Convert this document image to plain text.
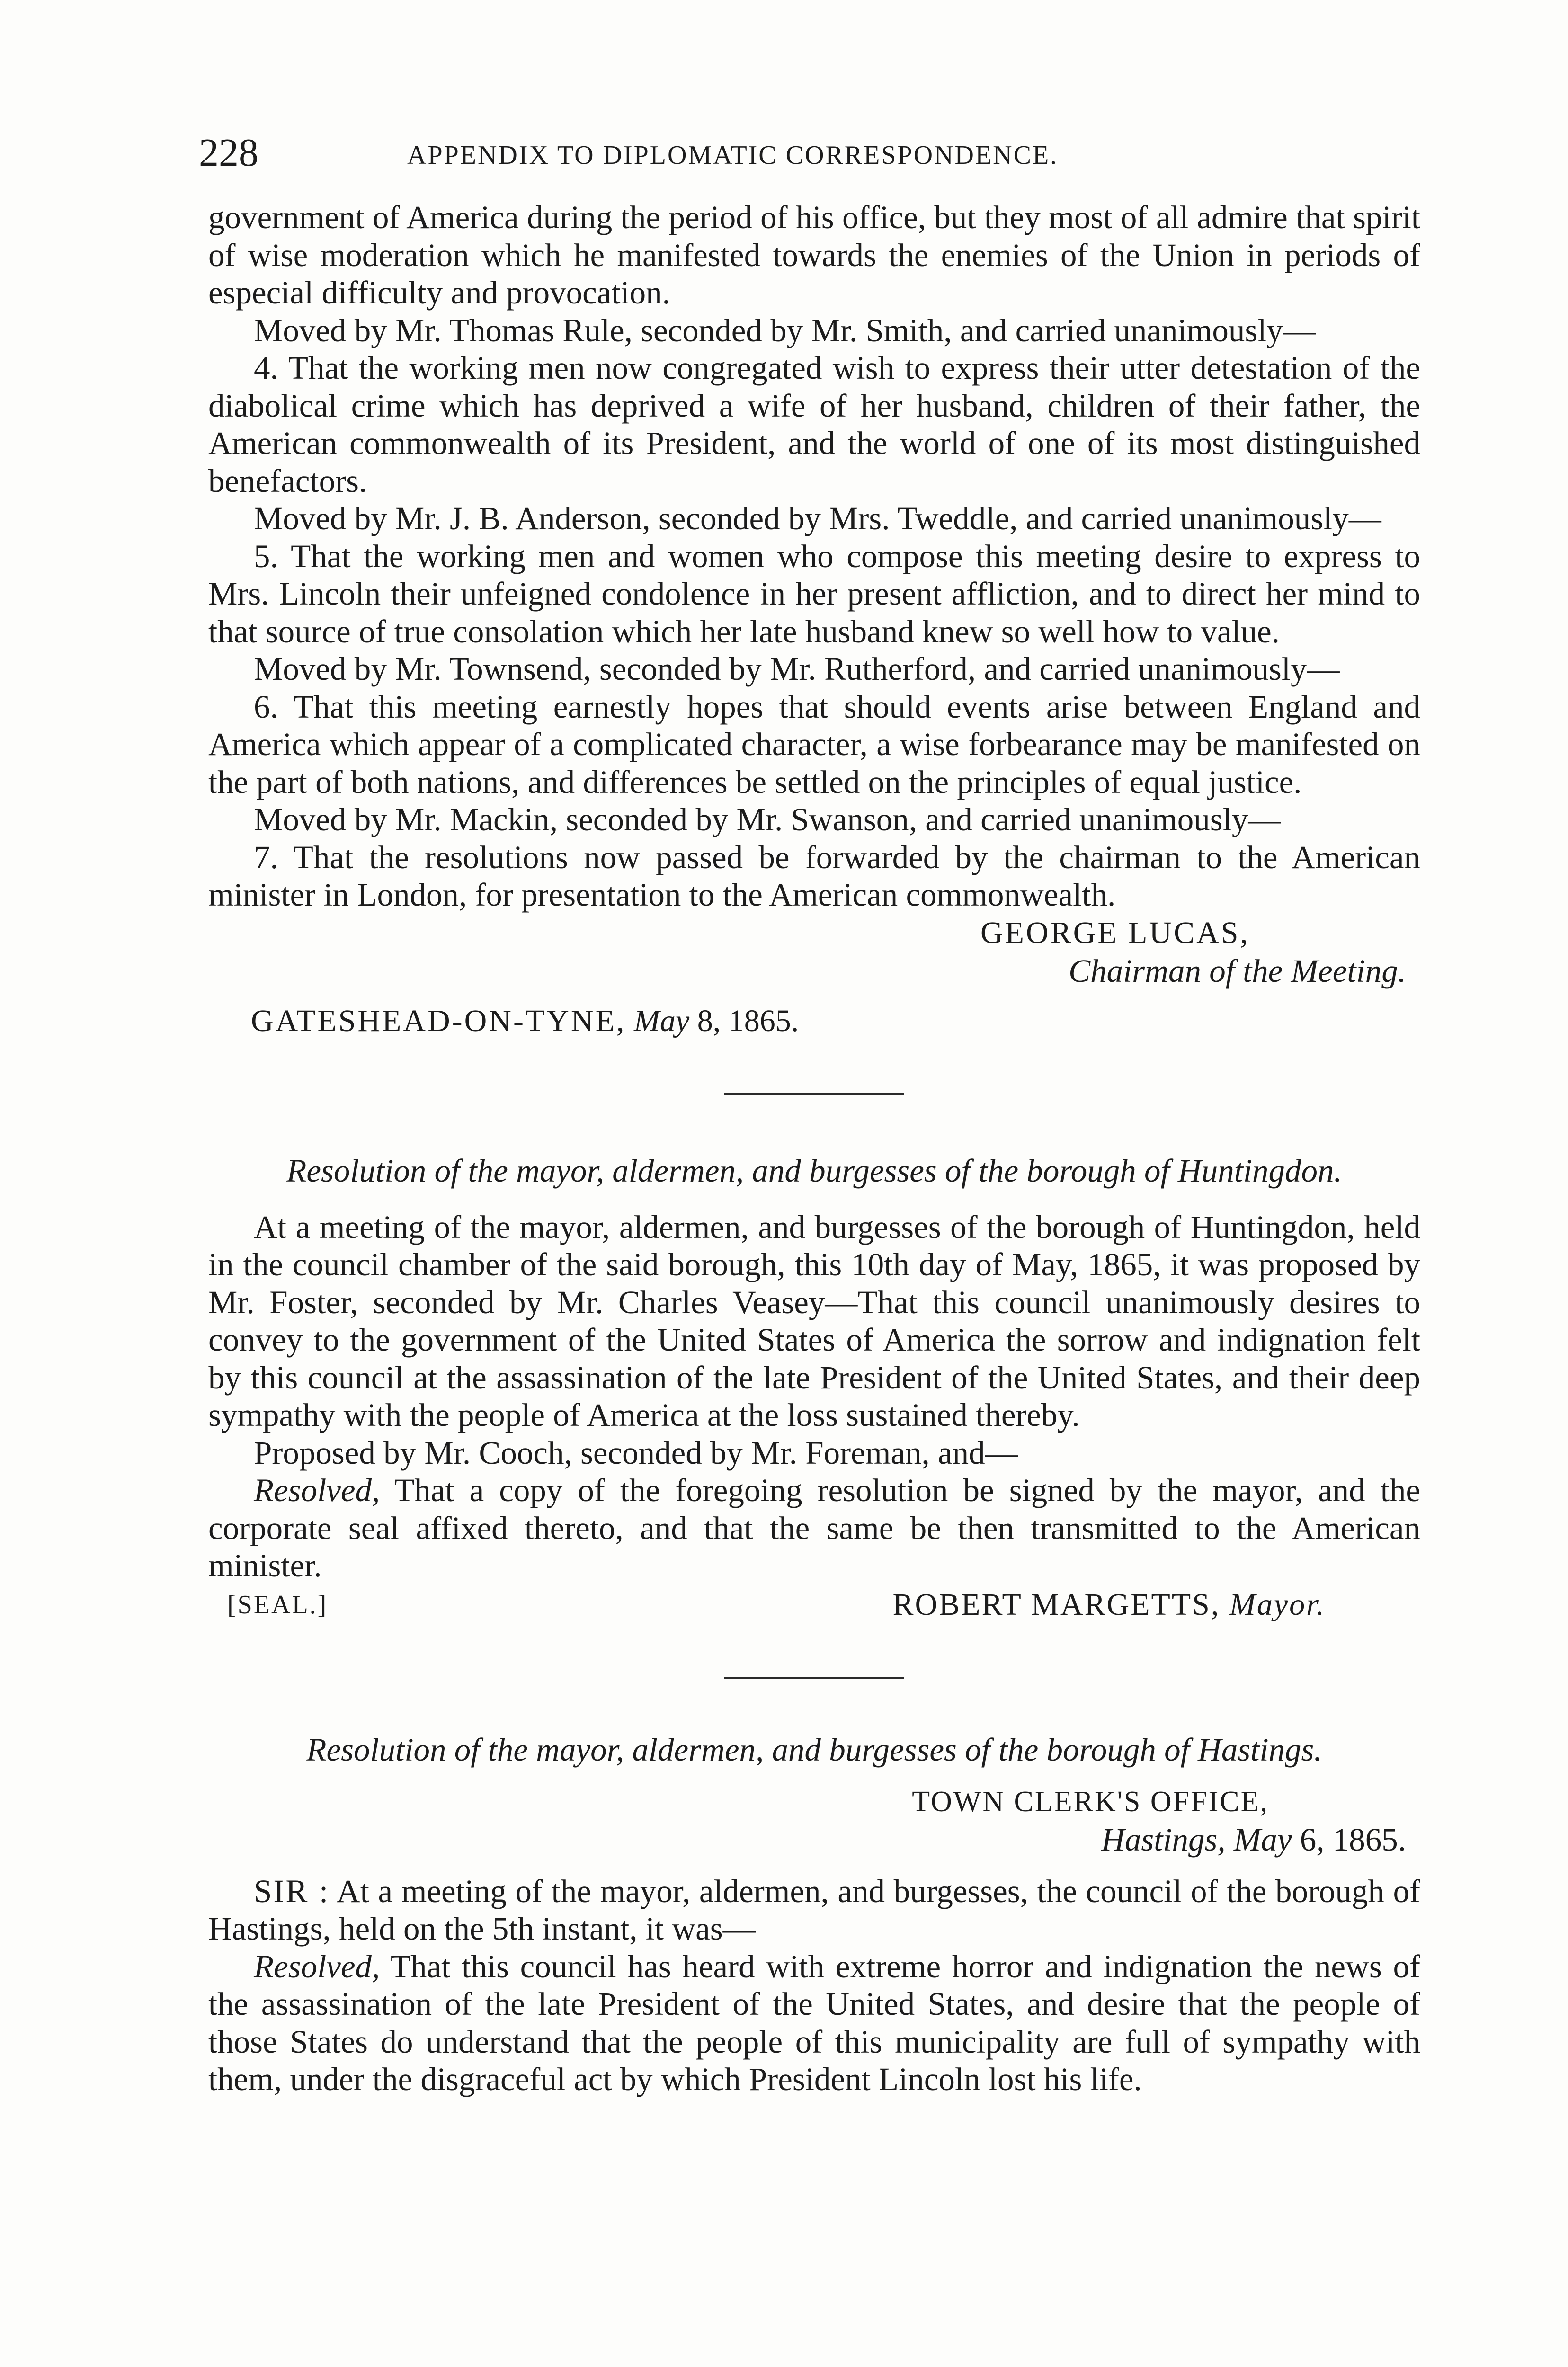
228	APPENDIX TO DIPLOMATIC CORRESPONDENCE.

government of America during the period of his office, but they most of all admire that spirit of wise moderation which he manifested towards the enemies of the Union in periods of especial difficulty and provocation.

Moved by Mr. Thomas Rule, seconded by Mr. Smith, and carried unanimously—

4. That the working men now congregated wish to express their utter detestation of the diabolical crime which has deprived a wife of her husband, children of their father, the American commonwealth of its President, and the world of one of its most distinguished benefactors.

Moved by Mr. J. B. Anderson, seconded by Mrs. Tweddle, and carried unanimously—

5. That the working men and women who compose this meeting desire to express to Mrs. Lincoln their unfeigned condolence in her present affliction, and to direct her mind to that source of true consolation which her late husband knew so well how to value.

Moved by Mr. Townsend, seconded by Mr. Rutherford, and carried unanimously—

6. That this meeting earnestly hopes that should events arise between England and America which appear of a complicated character, a wise forbearance may be manifested on the part of both nations, and differences be settled on the principles of equal justice.

Moved by Mr. Mackin, seconded by Mr. Swanson, and carried unanimously—

7. That the resolutions now passed be forwarded by the chairman to the American minister in London, for presentation to the American commonwealth.

GEORGE LUCAS,
Chairman of the Meeting.
GATESHEAD-ON-TYNE, May 8, 1865.

Resolution of the mayor, aldermen, and burgesses of the borough of Huntingdon.

At a meeting of the mayor, aldermen, and burgesses of the borough of Huntingdon, held in the council chamber of the said borough, this 10th day of May, 1865, it was proposed by Mr. Foster, seconded by Mr. Charles Veasey—That this council unanimously desires to convey to the government of the United States of America the sorrow and indignation felt by this council at the assassination of the late President of the United States, and their deep sympathy with the people of America at the loss sustained thereby.

Proposed by Mr. Cooch, seconded by Mr. Foreman, and—

Resolved, That a copy of the foregoing resolution be signed by the mayor, and the corporate seal affixed thereto, and that the same be then transmitted to the American minister.

[SEAL.]	ROBERT MARGETTS, Mayor.

Resolution of the mayor, aldermen, and burgesses of the borough of Hastings.

TOWN CLERK'S OFFICE,
Hastings, May 6, 1865.

SIR : At a meeting of the mayor, aldermen, and burgesses, the council of the borough of Hastings, held on the 5th instant, it was—

Resolved, That this council has heard with extreme horror and indignation the news of the assassination of the late President of the United States, and desire that the people of those States do understand that the people of this municipality are full of sympathy with them, under the disgraceful act by which President Lincoln lost his life.
